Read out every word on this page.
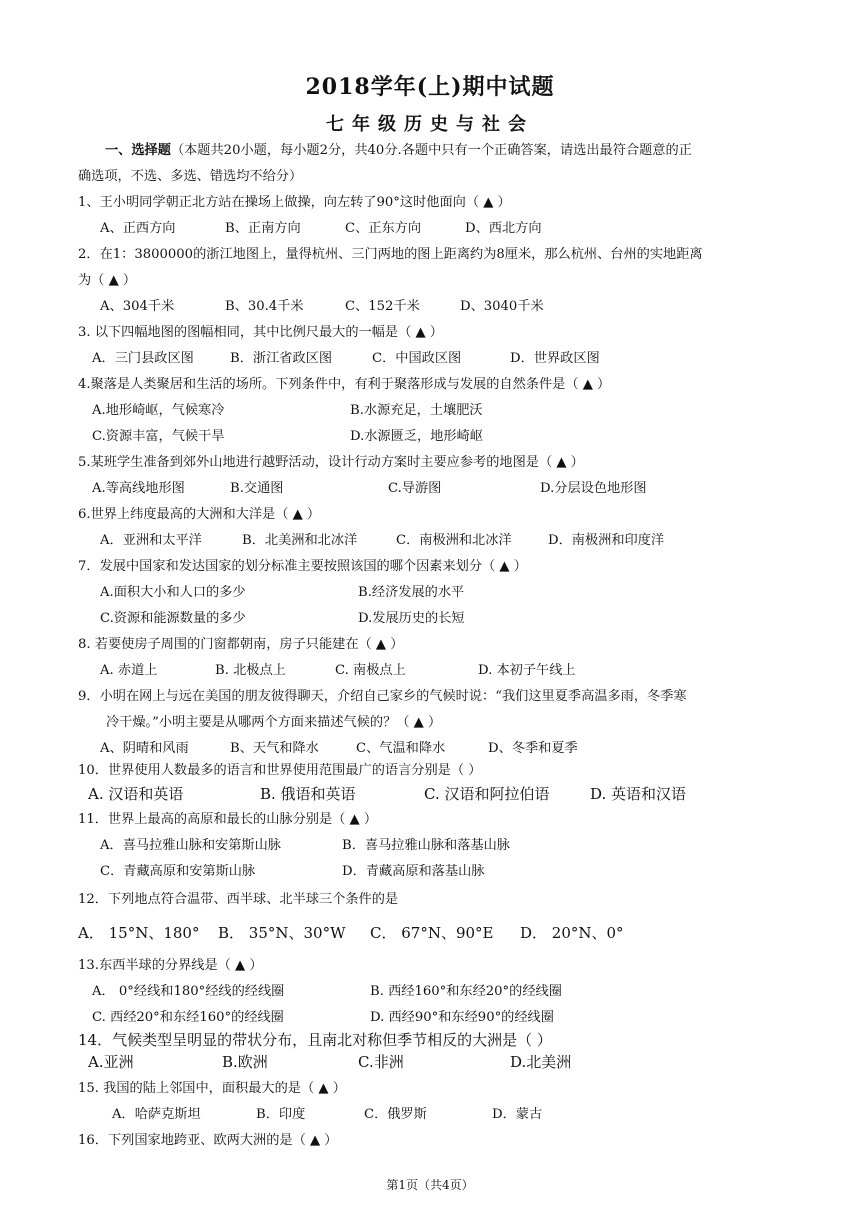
2018学年(上)期中试题
七年级历史与社会
一、选择题（本题共20小题，每小题2分，共40分.各题中只有一个正确答案，请选出最符合题意的正
确选项，不选、多选、错选均不给分）
1、王小明同学朝正北方站在操场上做操，向左转了90°这时他面向（ ▲ ）
A、正西方向	B、正南方向	C、正东方向	D、西北方向
2．在1：3800000的浙江地图上，量得杭州、三门两地的图上距离约为8厘米，那么杭州、台州的实地距离
为（ ▲ ）
A、304千米	B、30.4千米	C、152千米	D、3040千米
3. 以下四幅地图的图幅相同，其中比例尺最大的一幅是（ ▲ ）
A．三门县政区图	B．浙江省政区图	C．中国政区图	D．世界政区图
4.聚落是人类聚居和生活的场所。下列条件中，有利于聚落形成与发展的自然条件是（ ▲ ）
A.地形崎岖，气候寒冷	B.水源充足，土壤肥沃
C.资源丰富，气候干旱	D.水源匮乏，地形崎岖
5.某班学生准备到郊外山地进行越野活动，设计行动方案时主要应参考的地图是（ ▲ ）
A.等高线地形图	B.交通图	C.导游图	D.分层设色地形图
6.世界上纬度最高的大洲和大洋是（ ▲ ）
A．亚洲和太平洋	B．北美洲和北冰洋	C．南极洲和北冰洋	D．南极洲和印度洋
7．发展中国家和发达国家的划分标准主要按照该国的哪个因素来划分（ ▲ ）
A.面积大小和人口的多少	B.经济发展的水平
C.资源和能源数量的多少	D.发展历史的长短
8. 若要使房子周围的门窗都朝南，房子只能建在（ ▲ ）
A. 赤道上	B. 北极点上	C. 南极点上	D. 本初子午线上
9．小明在网上与远在美国的朋友彼得聊天，介绍自己家乡的气候时说：“我们这里夏季高温多雨，冬季寒
冷干燥。”小明主要是从哪两个方面来描述气候的？（ ▲ ）
A、阴晴和风雨	B、天气和降水	C、气温和降水	D、冬季和夏季
10．世界使用人数最多的语言和世界使用范围最广的语言分别是（ ）
A. 汉语和英语	B. 俄语和英语	C. 汉语和阿拉伯语	D. 英语和汉语
11．世界上最高的高原和最长的山脉分别是（ ▲ ）
A．喜马拉雅山脉和安第斯山脉	B．喜马拉雅山脉和落基山脉
C．青藏高原和安第斯山脉	D．青藏高原和落基山脉
12．下列地点符合温带、西半球、北半球三个条件的是
A． 15°N、180° B． 35°N、30°W C． 67°N、90°E D． 20°N、0°
13.东西半球的分界线是（ ▲ ）
A． 0°经线和180°经线的经线圈	B. 西经160°和东经20°的经线圈
C. 西经20°和东经160°的经线圈	D. 西经90°和东经90°的经线圈
14．气候类型呈明显的带状分布，且南北对称但季节相反的大洲是（ ）
A.亚洲	B.欧洲	C.非洲	D.北美洲
15. 我国的陆上邻国中，面积最大的是（ ▲ ）
A．哈萨克斯坦	B．印度	C．俄罗斯	D．蒙古
16．下列国家地跨亚、欧两大洲的是（ ▲ ）
第1页（共4页）
